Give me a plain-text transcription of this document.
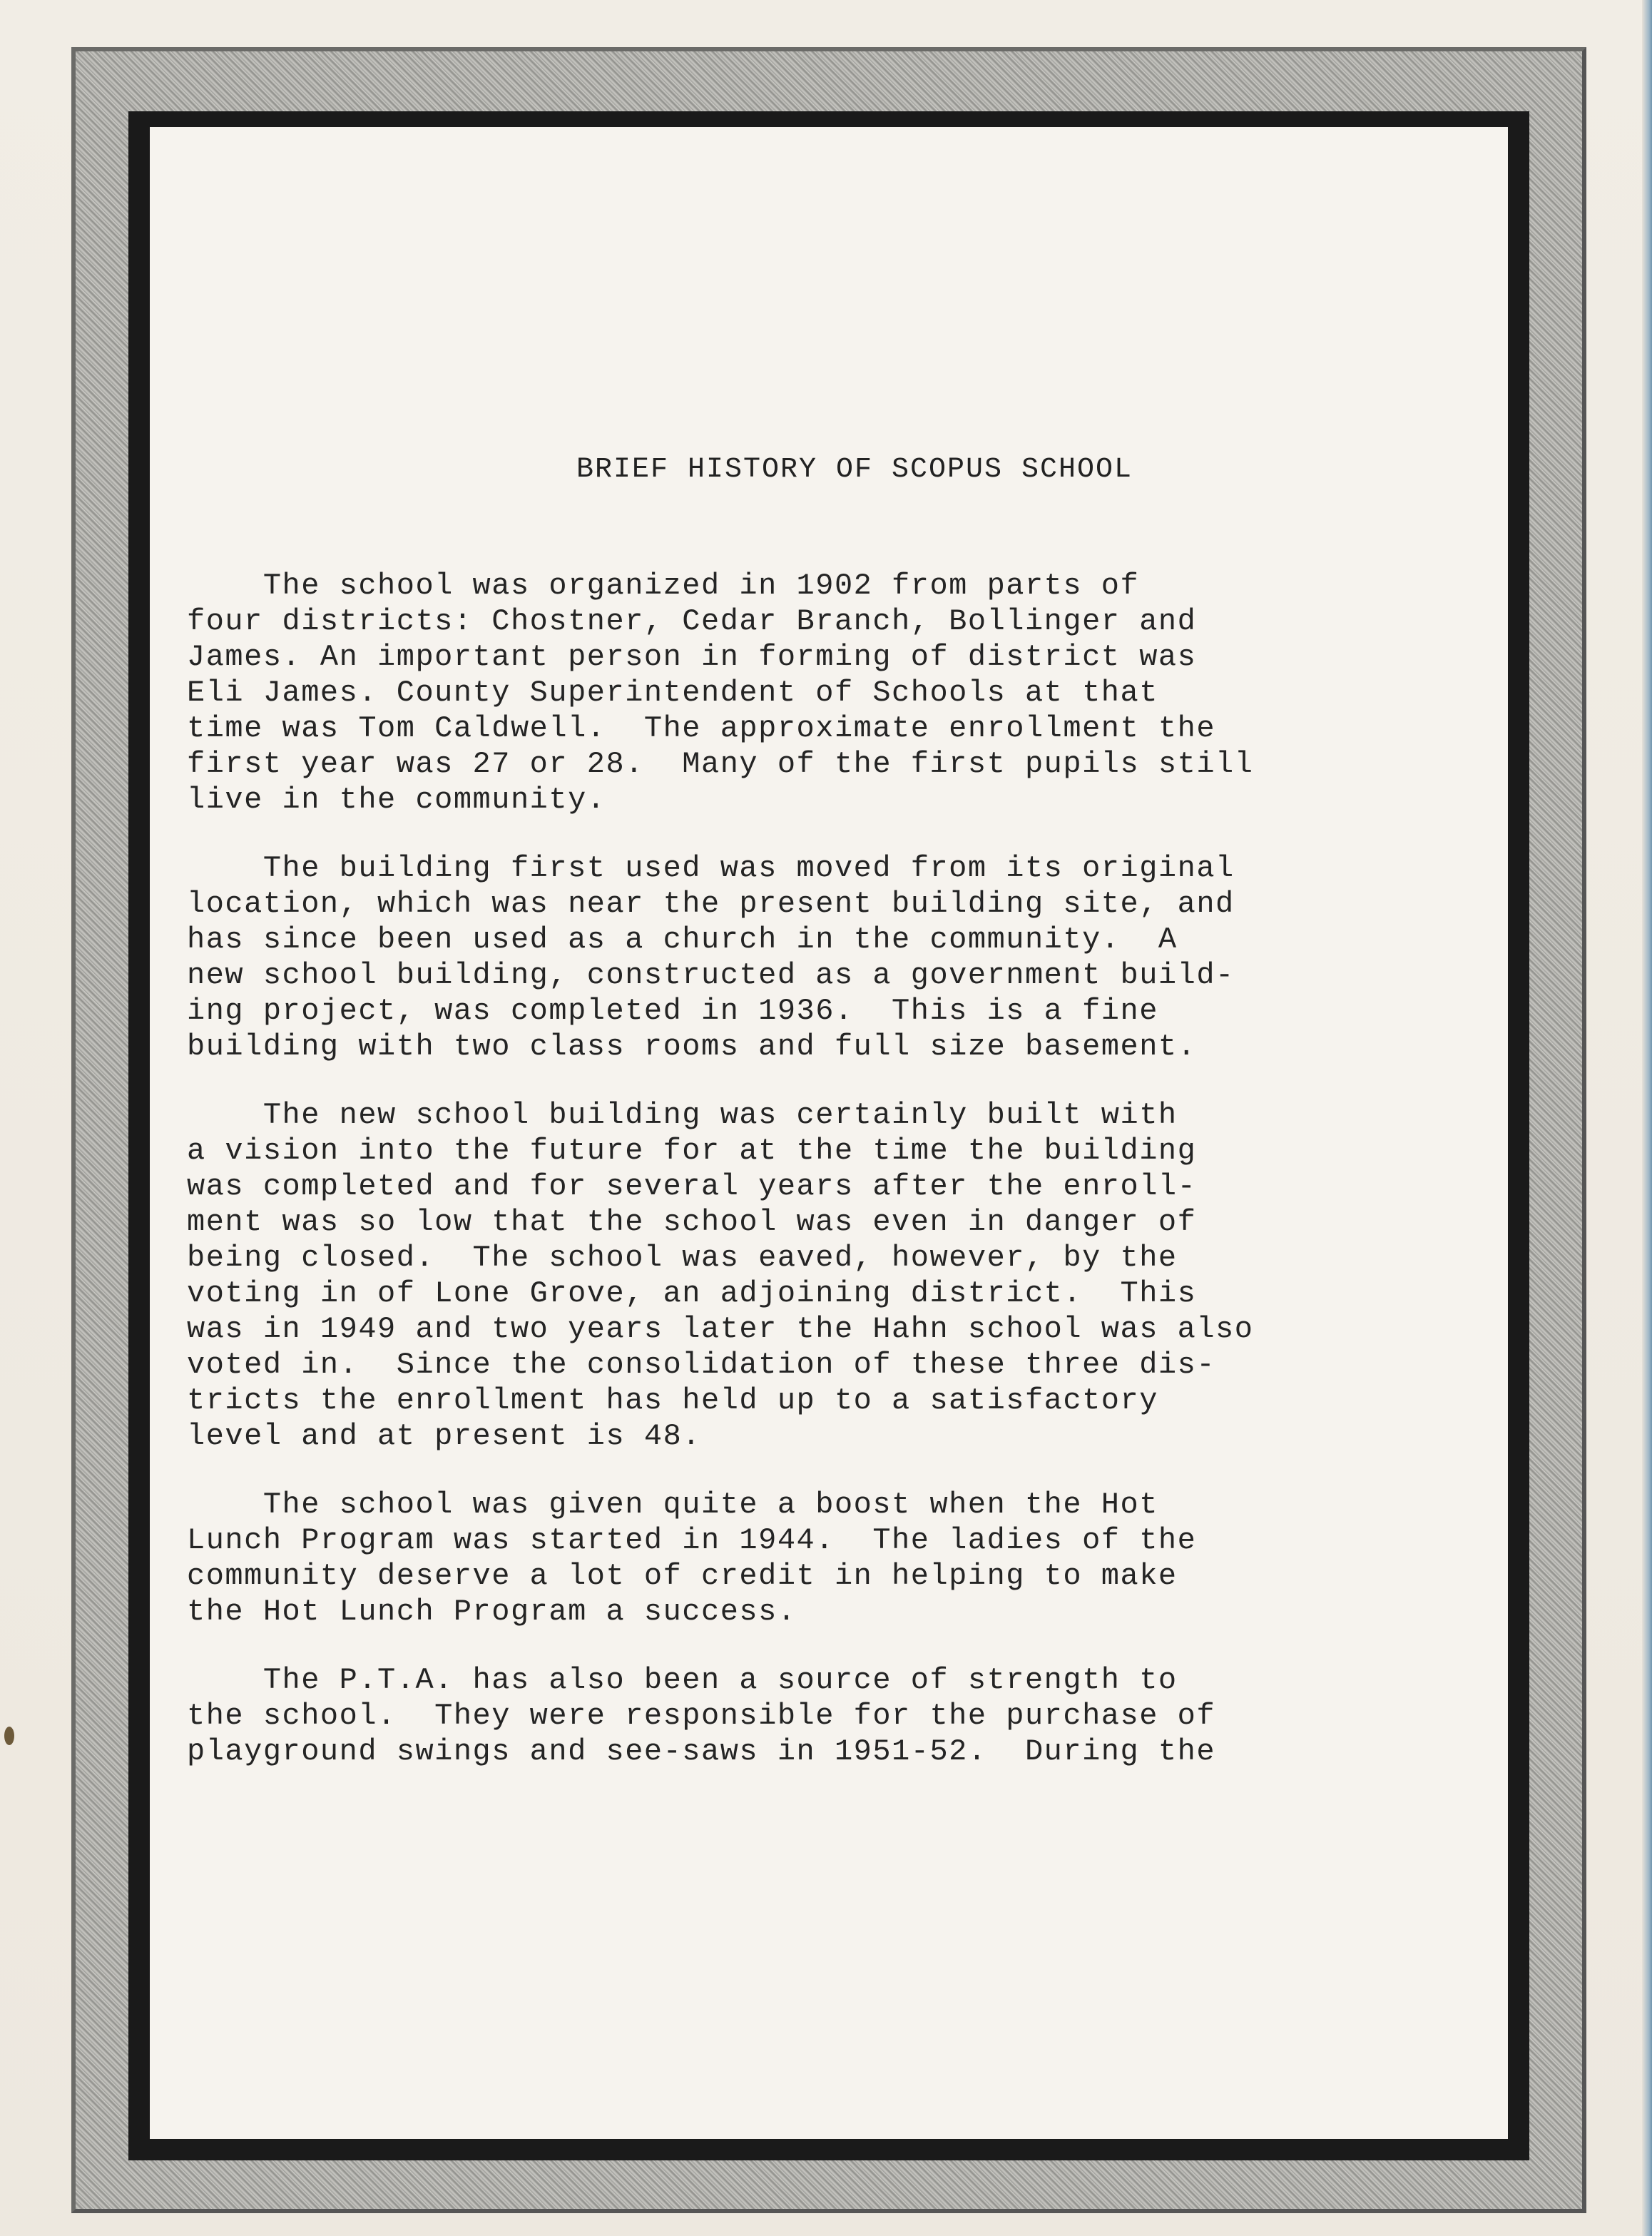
BRIEF HISTORY OF SCOPUS SCHOOL

The school was organized in 1902 from parts of
four districts: Chostner, Cedar Branch, Bollinger and
James. An important person in forming of district was
Eli James. County Superintendent of Schools at that
time was Tom Caldwell.  The approximate enrollment the
first year was 27 or 28.  Many of the first pupils still
live in the community.

The building first used was moved from its original
location, which was near the present building site, and
has since been used as a church in the community.  A
new school building, constructed as a government build-
ing project, was completed in 1936.  This is a fine
building with two class rooms and full size basement.

The new school building was certainly built with
a vision into the future for at the time the building
was completed and for several years after the enroll-
ment was so low that the school was even in danger of
being closed.  The school was eaved, however, by the
voting in of Lone Grove, an adjoining district.  This
was in 1949 and two years later the Hahn school was also
voted in.  Since the consolidation of these three dis-
tricts the enrollment has held up to a satisfactory
level and at present is 48.

The school was given quite a boost when the Hot
Lunch Program was started in 1944.  The ladies of the
community deserve a lot of credit in helping to make
the Hot Lunch Program a success.

The P.T.A. has also been a source of strength to
the school.  They were responsible for the purchase of
playground swings and see-saws in 1951-52.  During the
